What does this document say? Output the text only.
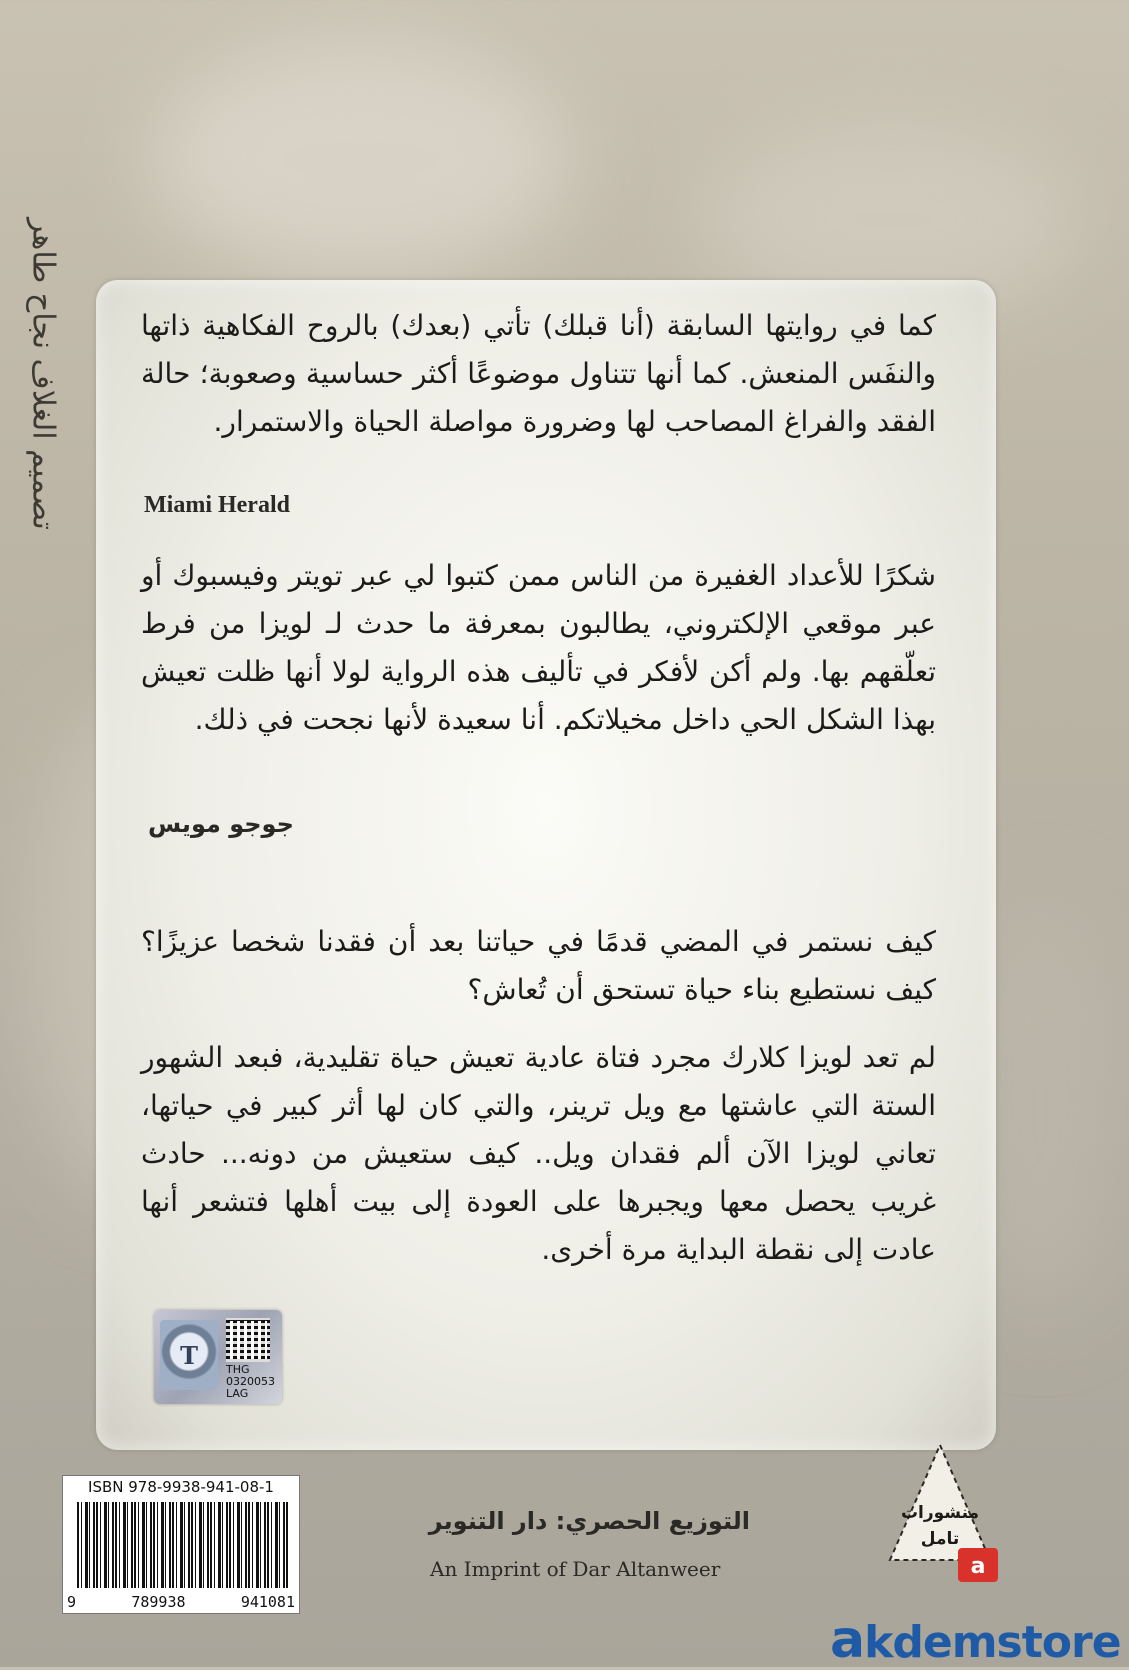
تصميم الغلاف نجاح طاهر	كما في روايتها السابقة (أنا قبلك) تأتي (بعدك) بالروح الفكاهية ذاتها والنفَس المنعش. كما أنها تتناول موضوعًا أكثر حساسية وصعوبة؛ حالة الفقد والفراغ المصاحب لها وضرورة مواصلة الحياة والاستمرار.
Miami Herald
شكرًا للأعداد الغفيرة من الناس ممن كتبوا لي عبر تويتر وفيسبوك أو عبر موقعي الإلكتروني، يطالبون بمعرفة ما حدث لـ لويزا من فرط تعلّقهم بها. ولم أكن لأفكر في تأليف هذه الرواية لولا أنها ظلت تعيش بهذا الشكل الحي داخل مخيلاتكم. أنا سعيدة لأنها نجحت في ذلك.
جوجو مويس
كيف نستمر في المضي قدمًا في حياتنا بعد أن فقدنا شخصا عزيزًا؟ كيف نستطيع بناء حياة تستحق أن تُعاش؟
لم تعد لويزا كلارك مجرد فتاة عادية تعيش حياة تقليدية، فبعد الشهور الستة التي عاشتها مع ويل ترينر، والتي كان لها أثر كبير في حياتها، تعاني لويزا الآن ألم فقدان ويل.. كيف ستعيش من دونه... حادث غريب يحصل معها ويجبرها على العودة إلى بيت أهلها فتشعر أنها عادت إلى نقطة البداية مرة أخرى.
T	THG
0320053
LAG
ISBN 978-9938-941-08-1
9	789938	941081
التوزيع الحصري: دار التنوير
An Imprint of Dar Altanweer
منشورات
تامل
a
akdemstore
